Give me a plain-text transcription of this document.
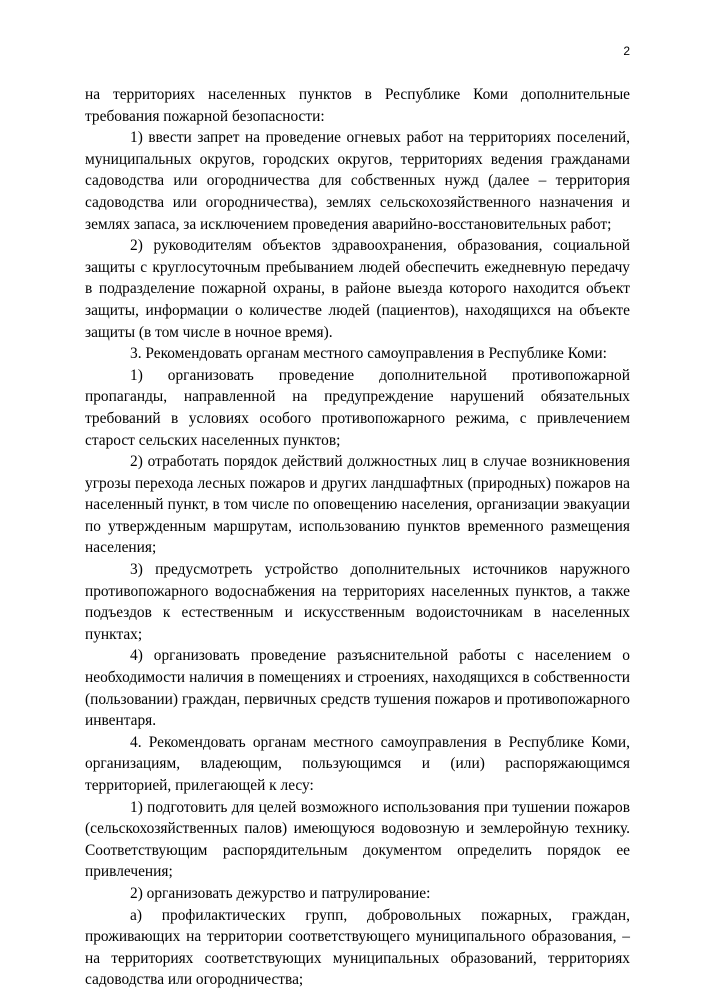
2

на территориях населенных пунктов в Республике Коми дополнительные требования пожарной безопасности:

1) ввести запрет на проведение огневых работ на территориях поселений, муниципальных округов, городских округов, территориях ведения гражданами садоводства или огородничества для собственных нужд (далее – территория садоводства или огородничества), землях сельскохозяйственного назначения и землях запаса, за исключением проведения аварийно-восстановительных работ;

2) руководителям объектов здравоохранения, образования, социальной защиты с круглосуточным пребыванием людей обеспечить ежедневную передачу в подразделение пожарной охраны, в районе выезда которого находится объект защиты, информации о количестве людей (пациентов), находящихся на объекте защиты (в том числе в ночное время).

3. Рекомендовать органам местного самоуправления в Республике Коми:

1) организовать проведение дополнительной противопожарной пропаганды, направленной на предупреждение нарушений обязательных требований в условиях особого противопожарного режима, с привлечением старост сельских населенных пунктов;

2) отработать порядок действий должностных лиц в случае возникновения угрозы перехода лесных пожаров и других ландшафтных (природных) пожаров на населенный пункт, в том числе по оповещению населения, организации эвакуации по утвержденным маршрутам, использованию пунктов временного размещения населения;

3) предусмотреть устройство дополнительных источников наружного противопожарного водоснабжения на территориях населенных пунктов, а также подъездов к естественным и искусственным водоисточникам в населенных пунктах;

4) организовать проведение разъяснительной работы с населением о необходимости наличия в помещениях и строениях, находящихся в собственности (пользовании) граждан, первичных средств тушения пожаров и противопожарного инвентаря.

4. Рекомендовать органам местного самоуправления в Республике Коми, организациям, владеющим, пользующимся и (или) распоряжающимся территорией, прилегающей к лесу:

1) подготовить для целей возможного использования при тушении пожаров (сельскохозяйственных палов) имеющуюся водовозную и землеройную технику. Соответствующим распорядительным документом определить порядок ее привлечения;

2) организовать дежурство и патрулирование:

а) профилактических групп, добровольных пожарных, граждан, проживающих на территории соответствующего муниципального образования, – на территориях соответствующих муниципальных образований, территориях садоводства или огородничества;
